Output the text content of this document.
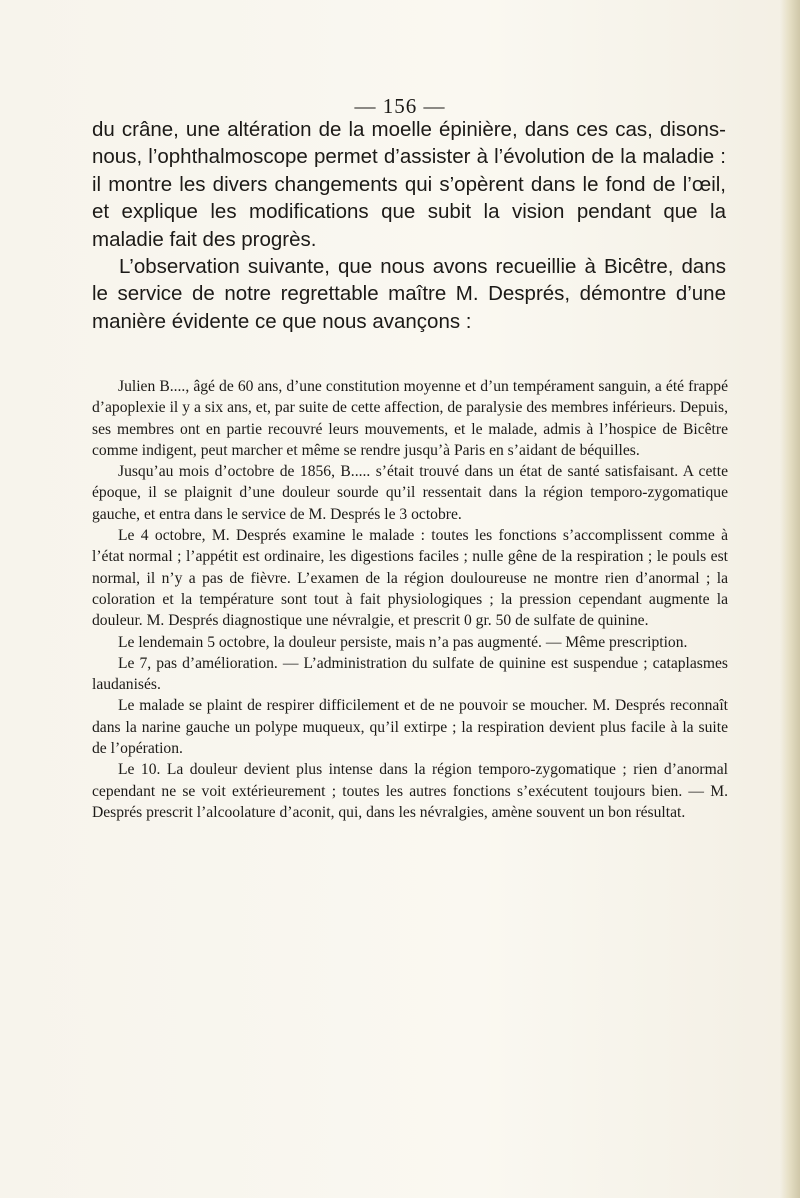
— 156 —

du crâne, une altération de la moelle épinière, dans ces cas, disons-nous, l’ophthalmoscope permet d’assister à l’évolution de la maladie : il montre les divers changements qui s’opèrent dans le fond de l’œil, et explique les modifications que subit la vision pendant que la maladie fait des progrès.

L’observation suivante, que nous avons recueillie à Bicêtre, dans le service de notre regrettable maître M. Després, démontre d’une manière évidente ce que nous avançons :

Julien B...., âgé de 60 ans, d’une constitution moyenne et d’un tempérament sanguin, a été frappé d’apoplexie il y a six ans, et, par suite de cette affection, de paralysie des membres inférieurs. Depuis, ses membres ont en partie recouvré leurs mouvements, et le malade, admis à l’hospice de Bicêtre comme indigent, peut marcher et même se rendre jusqu’à Paris en s’aidant de béquilles.

Jusqu’au mois d’octobre de 1856, B..... s’était trouvé dans un état de santé satisfaisant. A cette époque, il se plaignit d’une douleur sourde qu’il ressentait dans la région temporo-zygomatique gauche, et entra dans le service de M. Després le 3 octobre.

Le 4 octobre, M. Després examine le malade : toutes les fonctions s’accomplissent comme à l’état normal ; l’appétit est ordinaire, les digestions faciles ; nulle gêne de la respiration ; le pouls est normal, il n’y a pas de fièvre. L’examen de la région douloureuse ne montre rien d’anormal ; la coloration et la température sont tout à fait physiologiques ; la pression cependant augmente la douleur. M. Després diagnostique une névralgie, et prescrit 0 gr. 50 de sulfate de quinine.

Le lendemain 5 octobre, la douleur persiste, mais n’a pas augmenté. — Même prescription.

Le 7, pas d’amélioration. — L’administration du sulfate de quinine est suspendue ; cataplasmes laudanisés.

Le malade se plaint de respirer difficilement et de ne pouvoir se moucher. M. Després reconnaît dans la narine gauche un polype muqueux, qu’il extirpe ; la respiration devient plus facile à la suite de l’opération.

Le 10. La douleur devient plus intense dans la région temporo-zygomatique ; rien d’anormal cependant ne se voit extérieurement ; toutes les autres fonctions s’exécutent toujours bien. — M. Després prescrit l’alcoolature d’aconit, qui, dans les névralgies, amène souvent un bon résultat.
